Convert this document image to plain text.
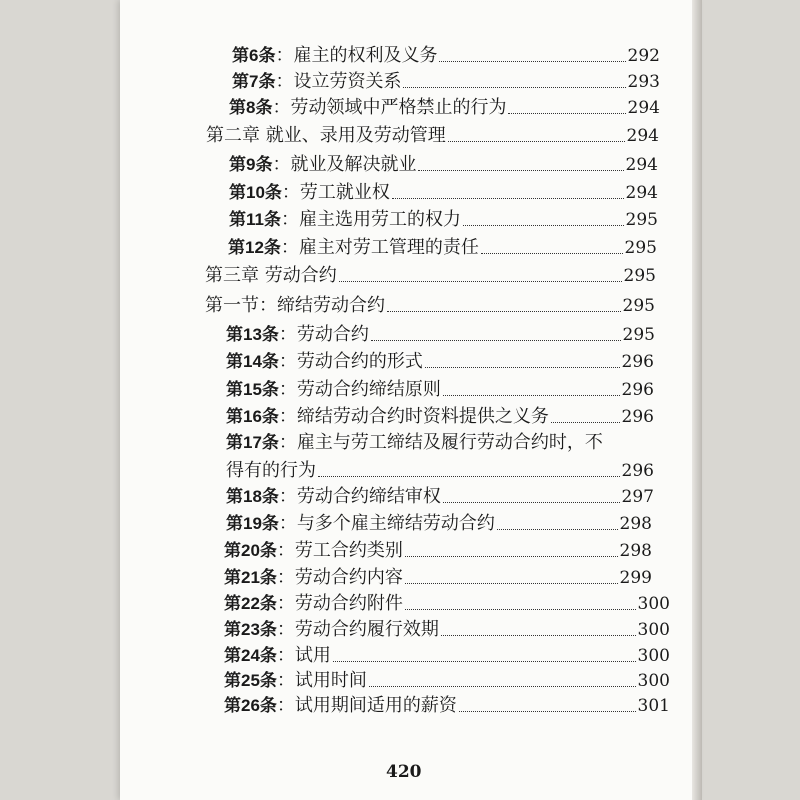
第6条 ： 雇主的权利及义务	292
第7条 ： 设立劳资关系	293
第8条 ： 劳动领域中严格禁止的行为	294
第二章 就业、录用及劳动管理	294
第9条 ： 就业及解决就业	294
第10条 ： 劳工就业权	294
第11条 ： 雇主选用劳工的权力	295
第12条 ： 雇主对劳工管理的责任	295
第三章 劳动合约	295
第一节：缔结劳动合约	295
第13条 ： 劳动合约	295
第14条 ： 劳动合约的形式	296
第15条 ： 劳动合约缔结原则	296
第16条 ： 缔结劳动合约时资料提供之义务	296
第17条：雇主与劳工缔结及履行劳动合约时，不
得有的行为	296
第18条 ： 劳动合约缔结审权	297
第19条 ： 与多个雇主缔结劳动合约	298
第20条 ： 劳工合约类别	298
第21条 ： 劳动合约内容	299
第22条 ： 劳动合约附件	300
第23条 ： 劳动合约履行效期	300
第24条 ： 试用	300
第25条 ： 试用时间	300
第26条 ： 试用期间适用的薪资	301
420
